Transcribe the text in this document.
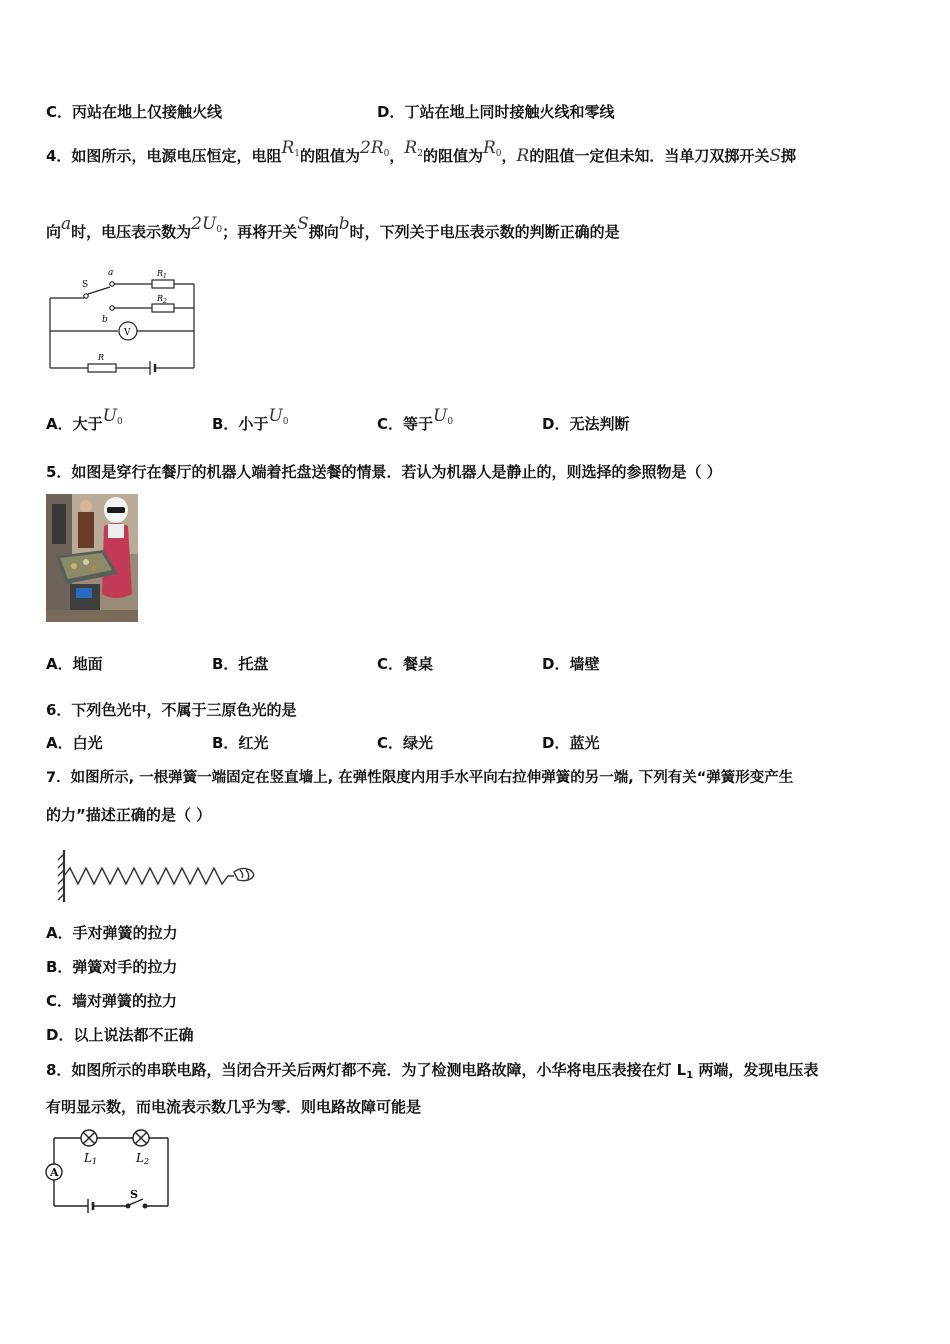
C．丙站在地上仅接触火线	D．丁站在地上同时接触火线和零线
4．如图所示，电源电压恒定，电阻$R_1$的阻值为$2R_0$，$R_2$的阻值为$R_0$，R的阻值一定但未知．当单刀双掷开关S掷
向a时，电压表示数为$2U_0$；再将开关S掷向b时，下列关于电压表示数的判断正确的是
S
a
b
$R_1$
$R_2$
V
R
A．大于$U_0$	B．小于$U_0$	C．等于$U_0$	D．无法判断
5．如图是穿行在餐厅的机器人端着托盘送餐的情景．若认为机器人是静止的，则选择的参照物是（ ）
A．地面	B．托盘	C．餐桌	D．墙壁
6．下列色光中，不属于三原色光的是
A．白光	B．红光	C．绿光	D．蓝光
7．如图所示, 一根弹簧一端固定在竖直墙上, 在弹性限度内用手水平向右拉伸弹簧的另一端, 下列有关“弹簧形变产生
的力”描述正确的是（ ）
A．手对弹簧的拉力
B．弹簧对手的拉力
C．墙对弹簧的拉力
D．以上说法都不正确
8．如图所示的串联电路，当闭合开关后两灯都不亮．为了检测电路故障，小华将电压表接在灯 $L_1$ 两端，发现电压表
有明显示数，而电流表示数几乎为零．则电路故障可能是
A
L1	L2
S
